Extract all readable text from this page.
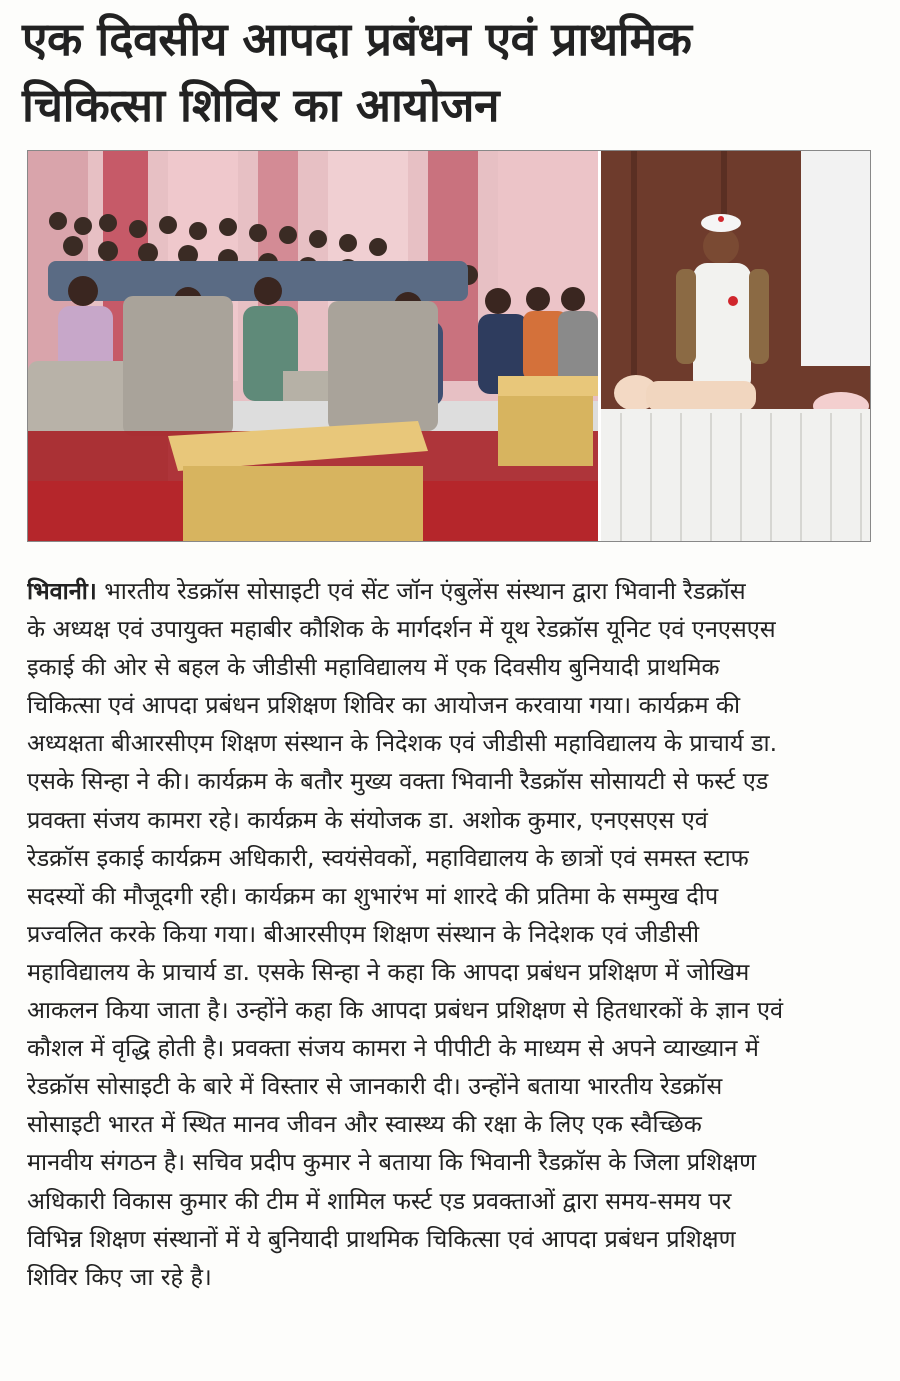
एक दिवसीय आपदा प्रबंधन एवं प्राथमिक
चिकित्सा शिविर का आयोजन
भिवानी। भारतीय रेडक्रॉस सोसाइटी एवं सेंट जॉन एंबुलेंस संस्थान द्वारा भिवानी रैडक्रॉस
के अध्यक्ष एवं उपायुक्त महाबीर कौशिक के मार्गदर्शन में यूथ रेडक्रॉस यूनिट एवं एनएसएस
इकाई की ओर से बहल के जीडीसी महाविद्यालय में एक दिवसीय बुनियादी प्राथमिक
चिकित्सा एवं आपदा प्रबंधन प्रशिक्षण शिविर का आयोजन करवाया गया। कार्यक्रम की
अध्यक्षता बीआरसीएम शिक्षण संस्थान के निदेशक एवं जीडीसी महाविद्यालय के प्राचार्य डा.
एसके सिन्हा ने की। कार्यक्रम के बतौर मुख्य वक्ता भिवानी रैडक्रॉस सोसायटी से फर्स्ट एड
प्रवक्ता संजय कामरा रहे। कार्यक्रम के संयोजक डा. अशोक कुमार, एनएसएस एवं
रेडक्रॉस इकाई कार्यक्रम अधिकारी, स्वयंसेवकों, महाविद्यालय के छात्रों एवं समस्त स्टाफ
सदस्यों की मौजूदगी रही। कार्यक्रम का शुभारंभ मां शारदे की प्रतिमा के सम्मुख दीप
प्रज्वलित करके किया गया। बीआरसीएम शिक्षण संस्थान के निदेशक एवं जीडीसी
महाविद्यालय के प्राचार्य डा. एसके सिन्हा ने कहा कि आपदा प्रबंधन प्रशिक्षण में जोखिम
आकलन किया जाता है। उन्होंने कहा कि आपदा प्रबंधन प्रशिक्षण से हितधारकों के ज्ञान एवं
कौशल में वृद्धि होती है। प्रवक्ता संजय कामरा ने पीपीटी के माध्यम से अपने व्याख्यान में
रेडक्रॉस सोसाइटी के बारे में विस्तार से जानकारी दी। उन्होंने बताया भारतीय रेडक्रॉस
सोसाइटी भारत में स्थित मानव जीवन और स्वास्थ्य की रक्षा के लिए एक स्वैच्छिक
मानवीय संगठन है। सचिव प्रदीप कुमार ने बताया कि भिवानी रैडक्रॉस के जिला प्रशिक्षण
अधिकारी विकास कुमार की टीम में शामिल फर्स्ट एड प्रवक्ताओं द्वारा समय-समय पर
विभिन्न शिक्षण संस्थानों में ये बुनियादी प्राथमिक चिकित्सा एवं आपदा प्रबंधन प्रशिक्षण
शिविर किए जा रहे है।
